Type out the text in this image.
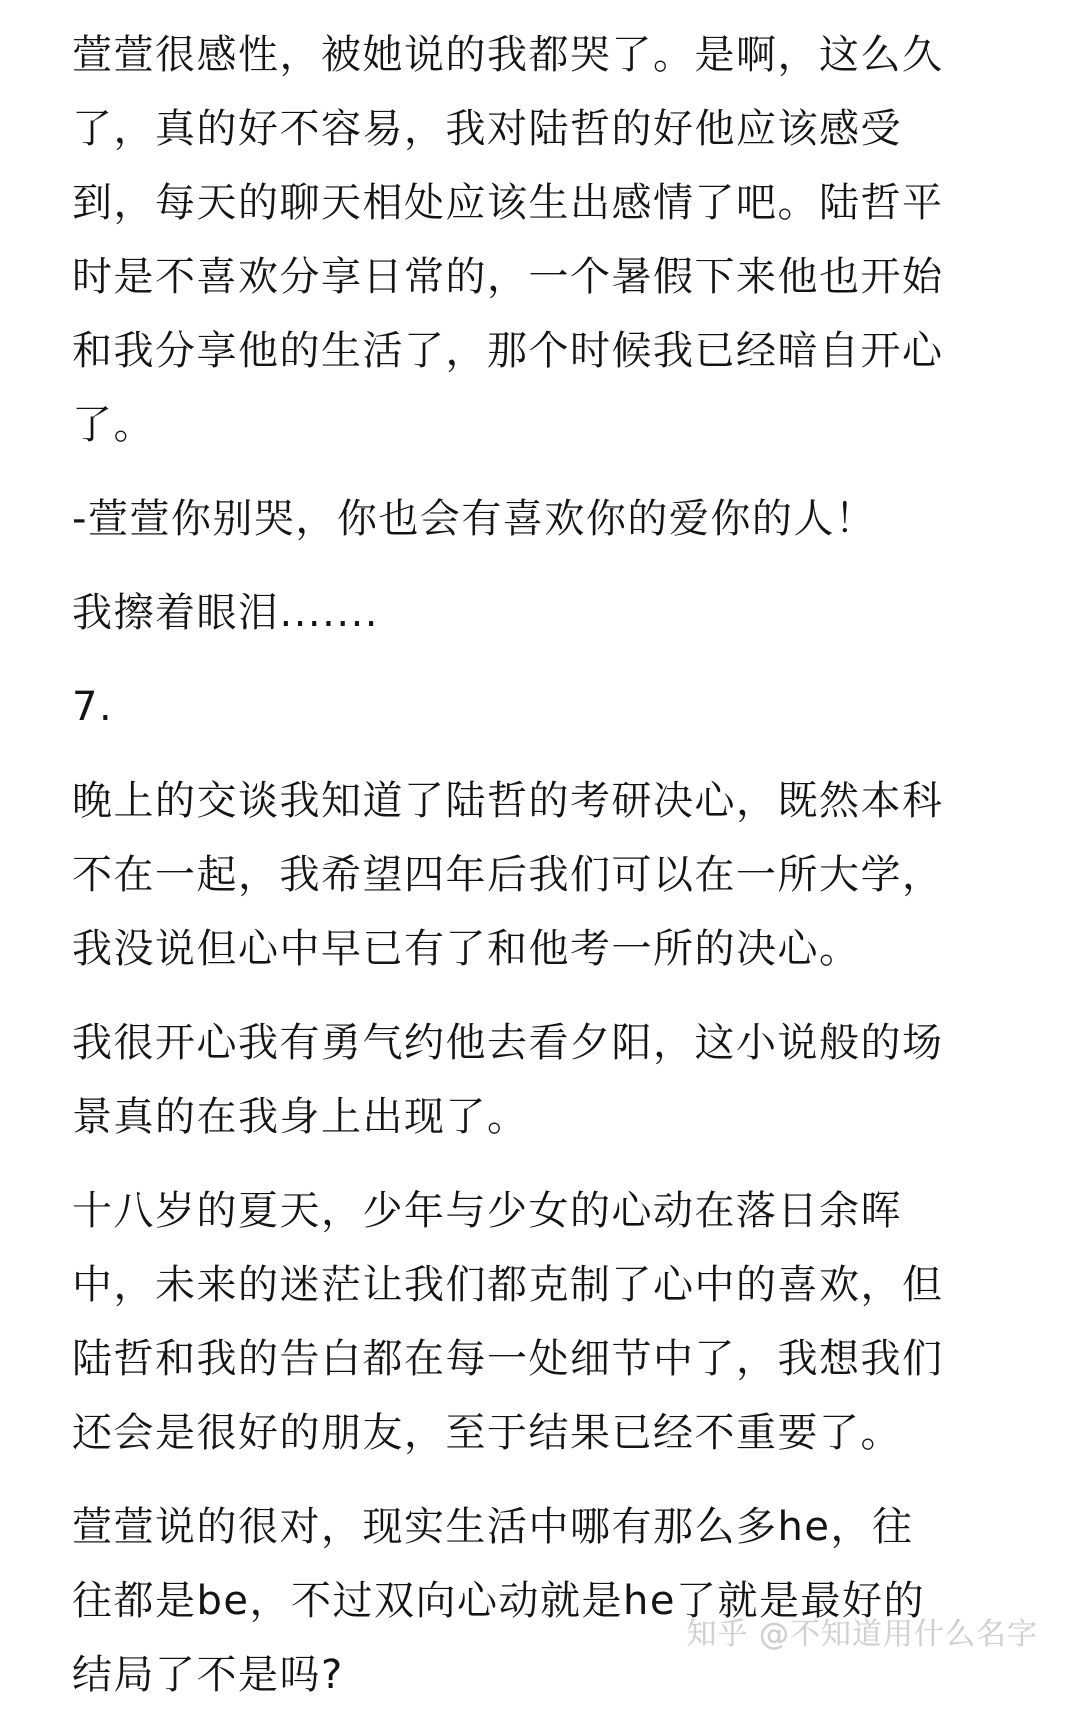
萱萱很感性，被她说的我都哭了。是啊，这么久了，真的好不容易，我对陆哲的好他应该感受到，每天的聊天相处应该生出感情了吧。陆哲平时是不喜欢分享日常的，一个暑假下来他也开始和我分享他的生活了，那个时候我已经暗自开心了。

-萱萱你别哭，你也会有喜欢你的爱你的人！

我擦着眼泪.......

7.

晚上的交谈我知道了陆哲的考研决心，既然本科不在一起，我希望四年后我们可以在一所大学，我没说但心中早已有了和他考一所的决心。

我很开心我有勇气约他去看夕阳，这小说般的场景真的在我身上出现了。

十八岁的夏天，少年与少女的心动在落日余晖中，未来的迷茫让我们都克制了心中的喜欢，但陆哲和我的告白都在每一处细节中了，我想我们还会是很好的朋友，至于结果已经不重要了。

萱萱说的很对，现实生活中哪有那么多he，往往都是be，不过双向心动就是he了就是最好的结局了不是吗?

知乎 @不知道用什么名字
